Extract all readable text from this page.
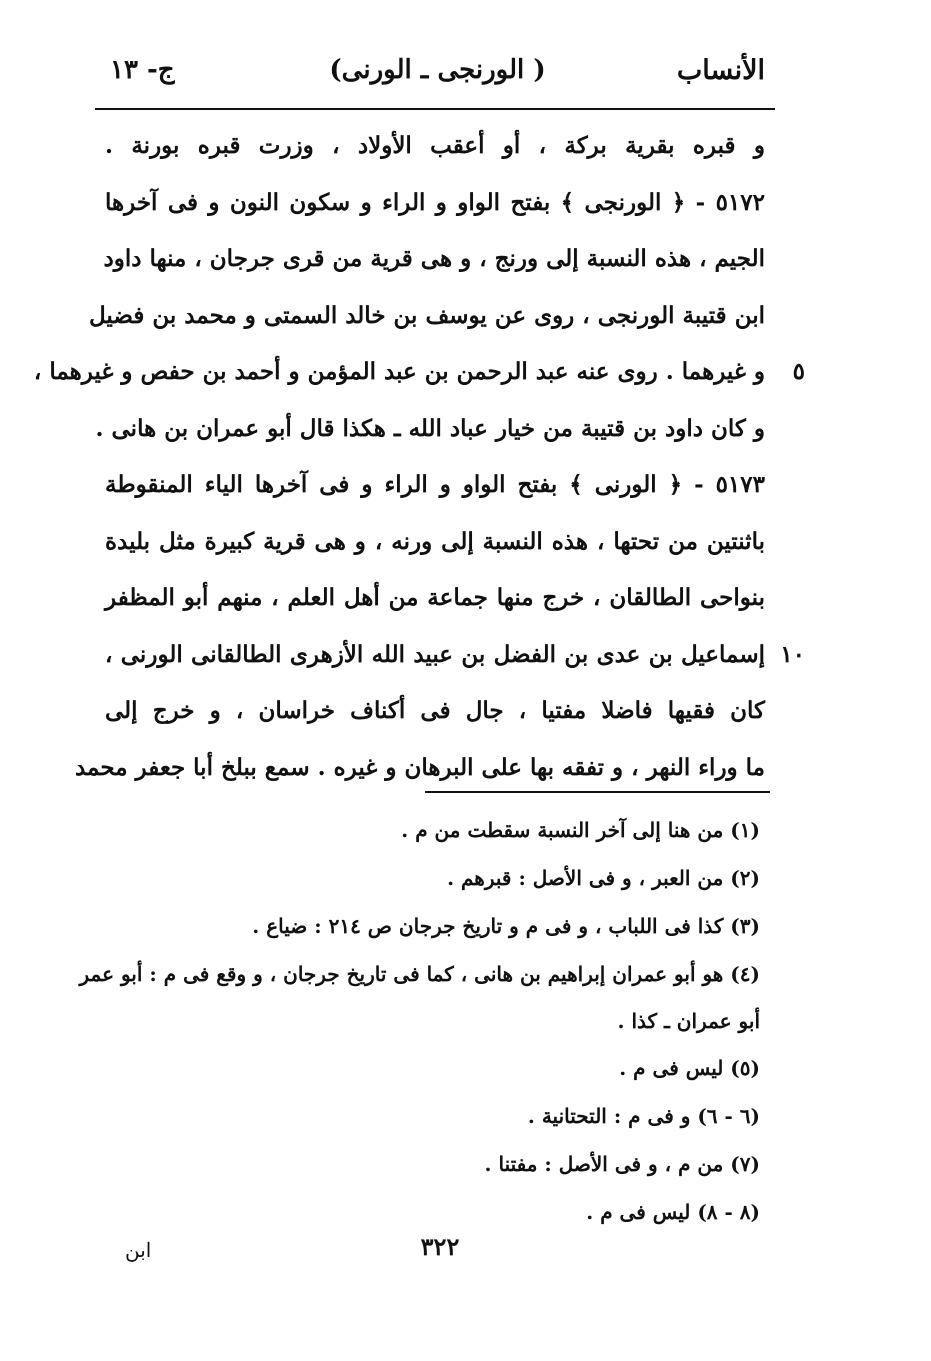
الأنساب
( الورنجى ـ الورنى)
ج- ١٣
و قبره بقرية بركة ، أو أعقب الأولاد ، وزرت قبره بورنة .
٥١٧٢ - ﴿ الورنجى ﴾ بفتح الواو و الراء و سكون النون و فى آخرها
الجيم ، هذه النسبة إلى ورنج ، و هى قرية من قرى جرجان ، منها داود
ابن قتيبة الورنجى ، روى عن يوسف بن خالد السمتى و محمد بن فضيل
و غيرهما . روى عنه عبد الرحمن بن عبد المؤمن و أحمد بن حفص و غيرهما ، ٥
و كان داود بن قتيبة من خيار عباد الله ـ هكذا قال أبو عمران بن هانى .
٥١٧٣ - ﴿ الورنى ﴾ بفتح الواو و الراء و فى آخرها الياء المنقوطة
باثنتين من تحتها ، هذه النسبة إلى ورنه ، و هى قرية كبيرة مثل بليدة
بنواحى الطالقان ، خرج منها جماعة من أهل العلم ، منهم أبو المظفر
إسماعيل بن عدى بن الفضل بن عبيد الله الأزهرى الطالقانى الورنى ، ١٠
كان فقيها فاضلا مفتيا ، جال فى أكناف خراسان ، و خرج إلى
ما وراء النهر ، و تفقه بها على البرهان و غيره . سمع ببلخ أبا جعفر محمد
(١) من هنا إلى آخر النسبة سقطت من م .
(٢) من العبر ، و فى الأصل : قبرهم .
(٣) كذا فى اللباب ، و فى م و تاريخ جرجان ص ٢١٤ : ضياع .
(٤) هو أبو عمران إبراهيم بن هانى ، كما فى تاريخ جرجان ، و وقع فى م : أبو عمر
أبو عمران ـ كذا .
(٥) ليس فى م .
(٦ - ٦) و فى م : التحتانية .
(٧) من م ، و فى الأصل : مفتنا .
(٨ - ٨) ليس فى م .
٣٢٢
ابن
